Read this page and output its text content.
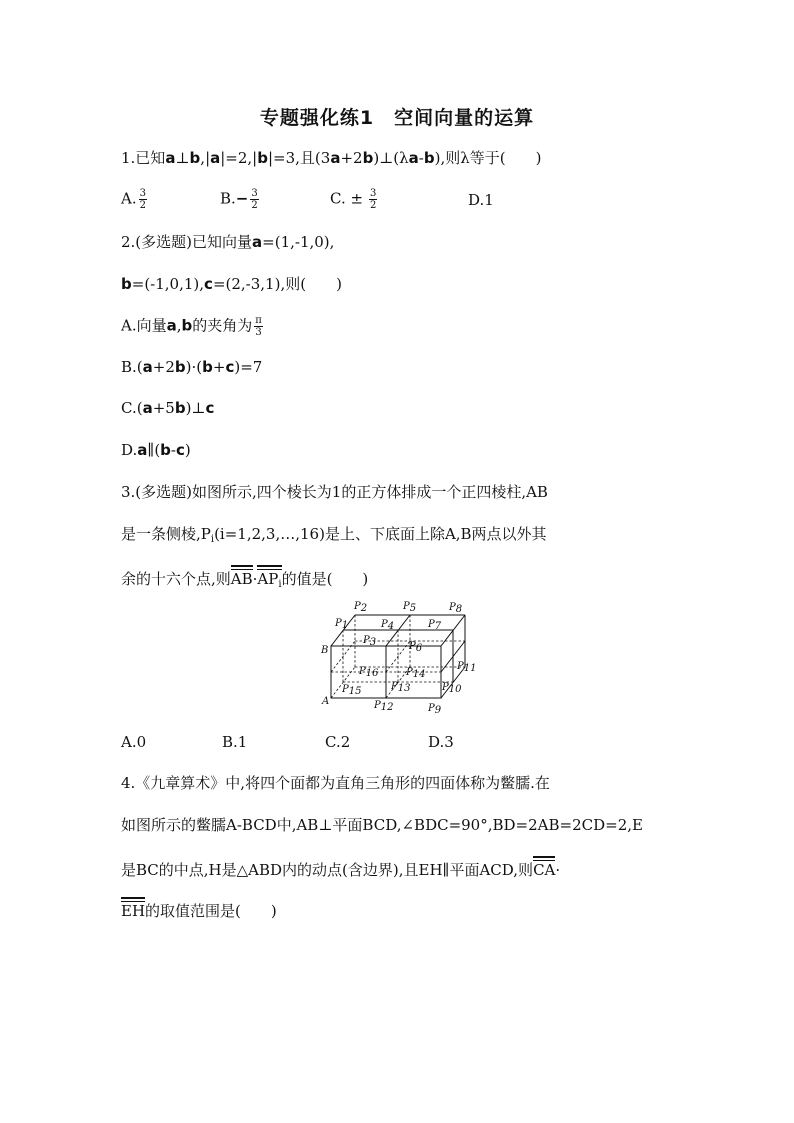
专题强化练1　空间向量的运算
1.已知a⊥b,|a|=2,|b|=3,且(3a+2b)⊥(λa-b),则λ等于(　　)
A. $\frac{3}{2}$	$B.- \frac{3}{2}$	C. ± $\frac{3}{2}$	D.1
2.(多选题)已知向量a=(1,-1,0),
b=(-1,0,1),c=(2,-3,1),则(　　)
A.向量a,b的夹角为 $\frac{\pi}{3}$
B.(a+2b)·(b+c)=7
C.(a+5b)⊥c
D.a∥(b-c)
3.(多选题)如图所示,四个棱长为1的正方体排成一个正四棱柱,AB
是一条侧棱$,P_i(i=1,2,3,\dots,16)$是上、下底面上除A,B两点以外其
余的十六个点,则$AB\cdot AP_i$的值是(　　)
A
B
P1
P2
P3
P4
P5
P6
P7
P8
P9
P10
P11
P12
P13
P14
P15
P16
A.0	B.1	C.2	D.3
4.《九章算术》中,将四个面都为直角三角形的四面体称为鳖臑.在
如图所示的鳖臑A-BCD中,AB⊥平面BCD,∠BDC=90°,BD=2AB=2CD=2,E
是BC的中点,H是△ABD内的动点(含边界),且EH∥平面ACD,则CA·
EH的取值范围是(　　)
